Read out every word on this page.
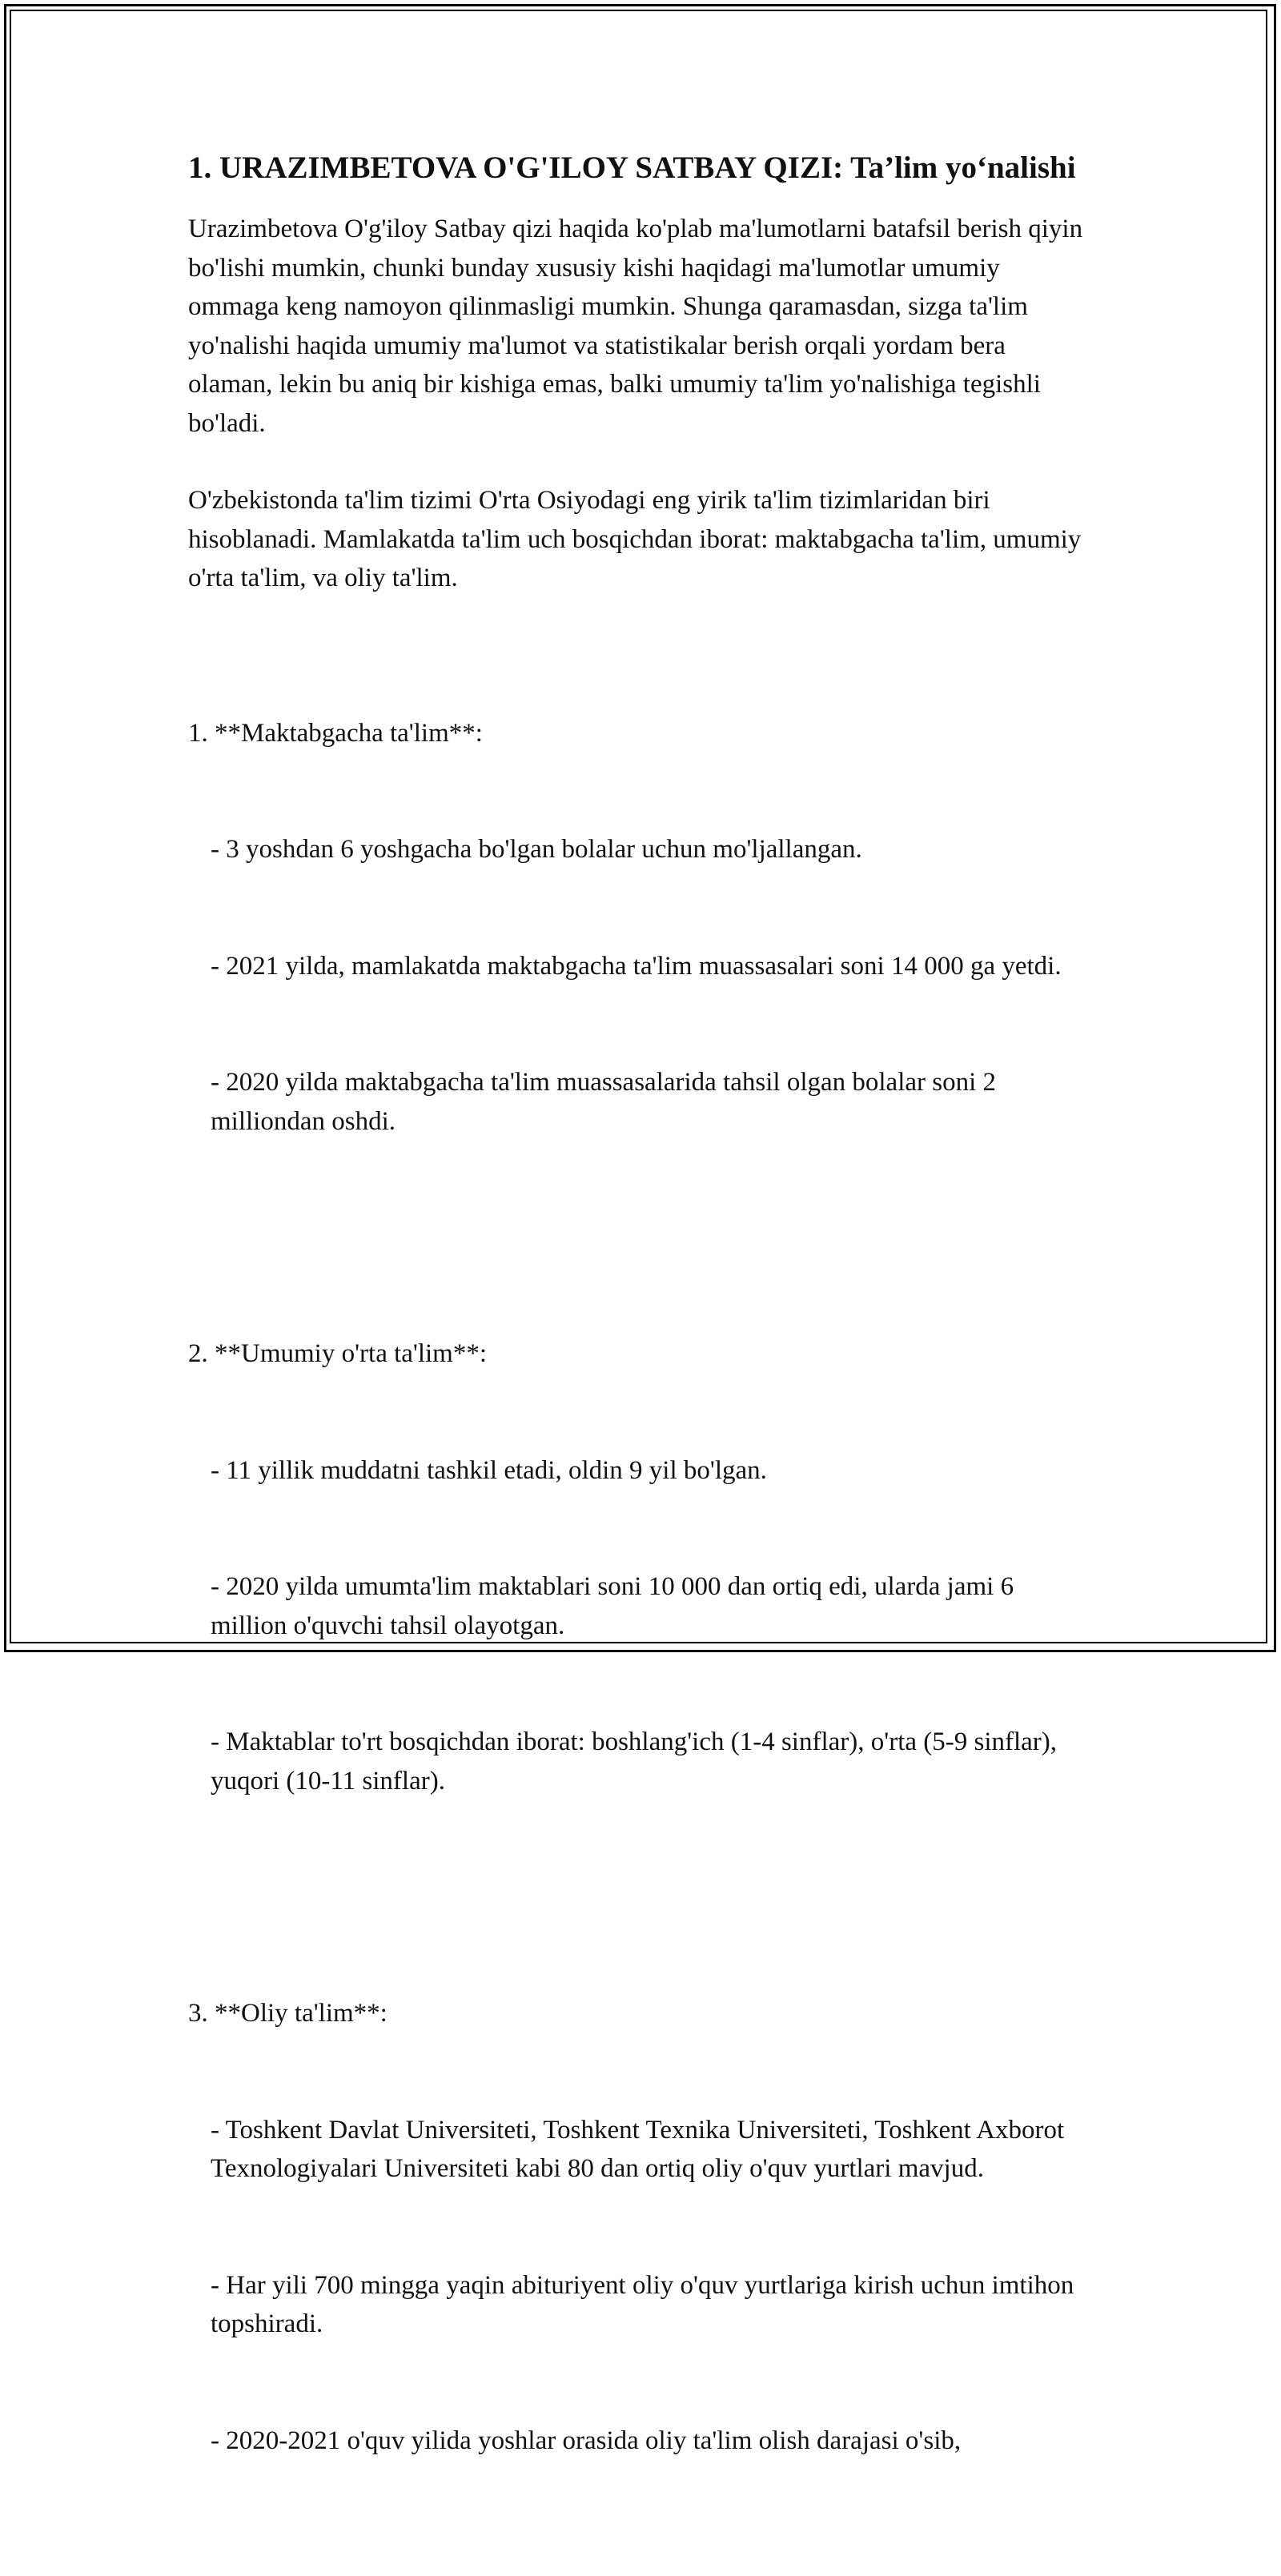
1. URAZIMBETOVA O'G'ILOY SATBAY QIZI: Ta’lim yo‘nalishi

Urazimbetova O'g'iloy Satbay qizi haqida ko'plab ma'lumotlarni batafsil berish qiyin bo'lishi mumkin, chunki bunday xususiy kishi haqidagi ma'lumotlar umumiy ommaga keng namoyon qilinmasligi mumkin. Shunga qaramasdan, sizga ta'lim yo'nalishi haqida umumiy ma'lumot va statistikalar berish orqali yordam bera olaman, lekin bu aniq bir kishiga emas, balki umumiy ta'lim yo'nalishiga tegishli bo'ladi.

O'zbekistonda ta'lim tizimi O'rta Osiyodagi eng yirik ta'lim tizimlaridan biri hisoblanadi. Mamlakatda ta'lim uch bosqichdan iborat: maktabgacha ta'lim, umumiy o'rta ta'lim, va oliy ta'lim.

1. **Maktabgacha ta'lim**:

- 3 yoshdan 6 yoshgacha bo'lgan bolalar uchun mo'ljallangan.

- 2021 yilda, mamlakatda maktabgacha ta'lim muassasalari soni 14 000 ga yetdi.

- 2020 yilda maktabgacha ta'lim muassasalarida tahsil olgan bolalar soni 2 milliondan oshdi.

2. **Umumiy o'rta ta'lim**:

- 11 yillik muddatni tashkil etadi, oldin 9 yil bo'lgan.

- 2020 yilda umumta'lim maktablari soni 10 000 dan ortiq edi, ularda jami 6 million o'quvchi tahsil olayotgan.

- Maktablar to'rt bosqichdan iborat: boshlang'ich (1-4 sinflar), o'rta (5-9 sinflar), yuqori (10-11 sinflar).

3. **Oliy ta'lim**:

- Toshkent Davlat Universiteti, Toshkent Texnika Universiteti, Toshkent Axborot Texnologiyalari Universiteti kabi 80 dan ortiq oliy o'quv yurtlari mavjud.

- Har yili 700 mingga yaqin abituriyent oliy o'quv yurtlariga kirish uchun imtihon topshiradi.

- 2020-2021 o'quv yilida yoshlar orasida oliy ta'lim olish darajasi o'sib,
